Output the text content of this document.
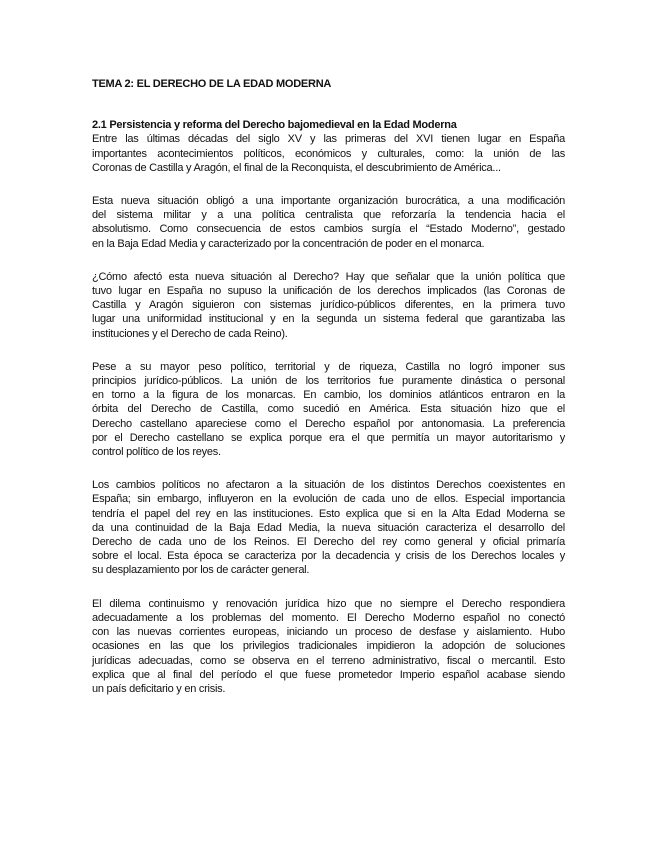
TEMA 2: EL DERECHO DE LA EDAD MODERNA
2.1 Persistencia y reforma del Derecho bajomedieval en la Edad Moderna
Entre las últimas décadas del siglo XV y las primeras del XVI tienen lugar en España
importantes acontecimientos políticos, económicos y culturales, como: la unión de las
Coronas de Castilla y Aragón, el final de la Reconquista, el descubrimiento de América...
Esta nueva situación obligó a una importante organización burocrática, a una modificación
del sistema militar y a una política centralista que reforzaría la tendencia hacia el
absolutismo. Como consecuencia de estos cambios surgía el “Estado Moderno”, gestado
en la Baja Edad Media y caracterizado por la concentración de poder en el monarca.
¿Cómo afectó esta nueva situación al Derecho? Hay que señalar que la unión política que
tuvo lugar en España no supuso la unificación de los derechos implicados (las Coronas de
Castilla y Aragón siguieron con sistemas jurídico-públicos diferentes, en la primera tuvo
lugar una uniformidad institucional y en la segunda un sistema federal que garantizaba las
instituciones y el Derecho de cada Reino).
Pese a su mayor peso político, territorial y de riqueza, Castilla no logró imponer sus
principios jurídico-públicos. La unión de los territorios fue puramente dinástica o personal
en torno a la figura de los monarcas. En cambio, los dominios atlánticos entraron en la
órbita del Derecho de Castilla, como sucedió en América. Esta situación hizo que el
Derecho castellano apareciese como el Derecho español por antonomasia. La preferencia
por el Derecho castellano se explica porque era el que permitía un mayor autoritarismo y
control político de los reyes.
Los cambios políticos no afectaron a la situación de los distintos Derechos coexistentes en
España; sin embargo, influyeron en la evolución de cada uno de ellos. Especial importancia
tendría el papel del rey en las instituciones. Esto explica que si en la Alta Edad Moderna se
da una continuidad de la Baja Edad Media, la nueva situación caracteriza el desarrollo del
Derecho de cada uno de los Reinos. El Derecho del rey como general y oficial primaría
sobre el local. Esta época se caracteriza por la decadencia y crisis de los Derechos locales y
su desplazamiento por los de carácter general.
El dilema continuismo y renovación jurídica hizo que no siempre el Derecho respondiera
adecuadamente a los problemas del momento. El Derecho Moderno español no conectó
con las nuevas corrientes europeas, iniciando un proceso de desfase y aislamiento. Hubo
ocasiones en las que los privilegios tradicionales impidieron la adopción de soluciones
jurídicas adecuadas, como se observa en el terreno administrativo, fiscal o mercantil. Esto
explica que al final del período el que fuese prometedor Imperio español acabase siendo
un país deficitario y en crisis.
